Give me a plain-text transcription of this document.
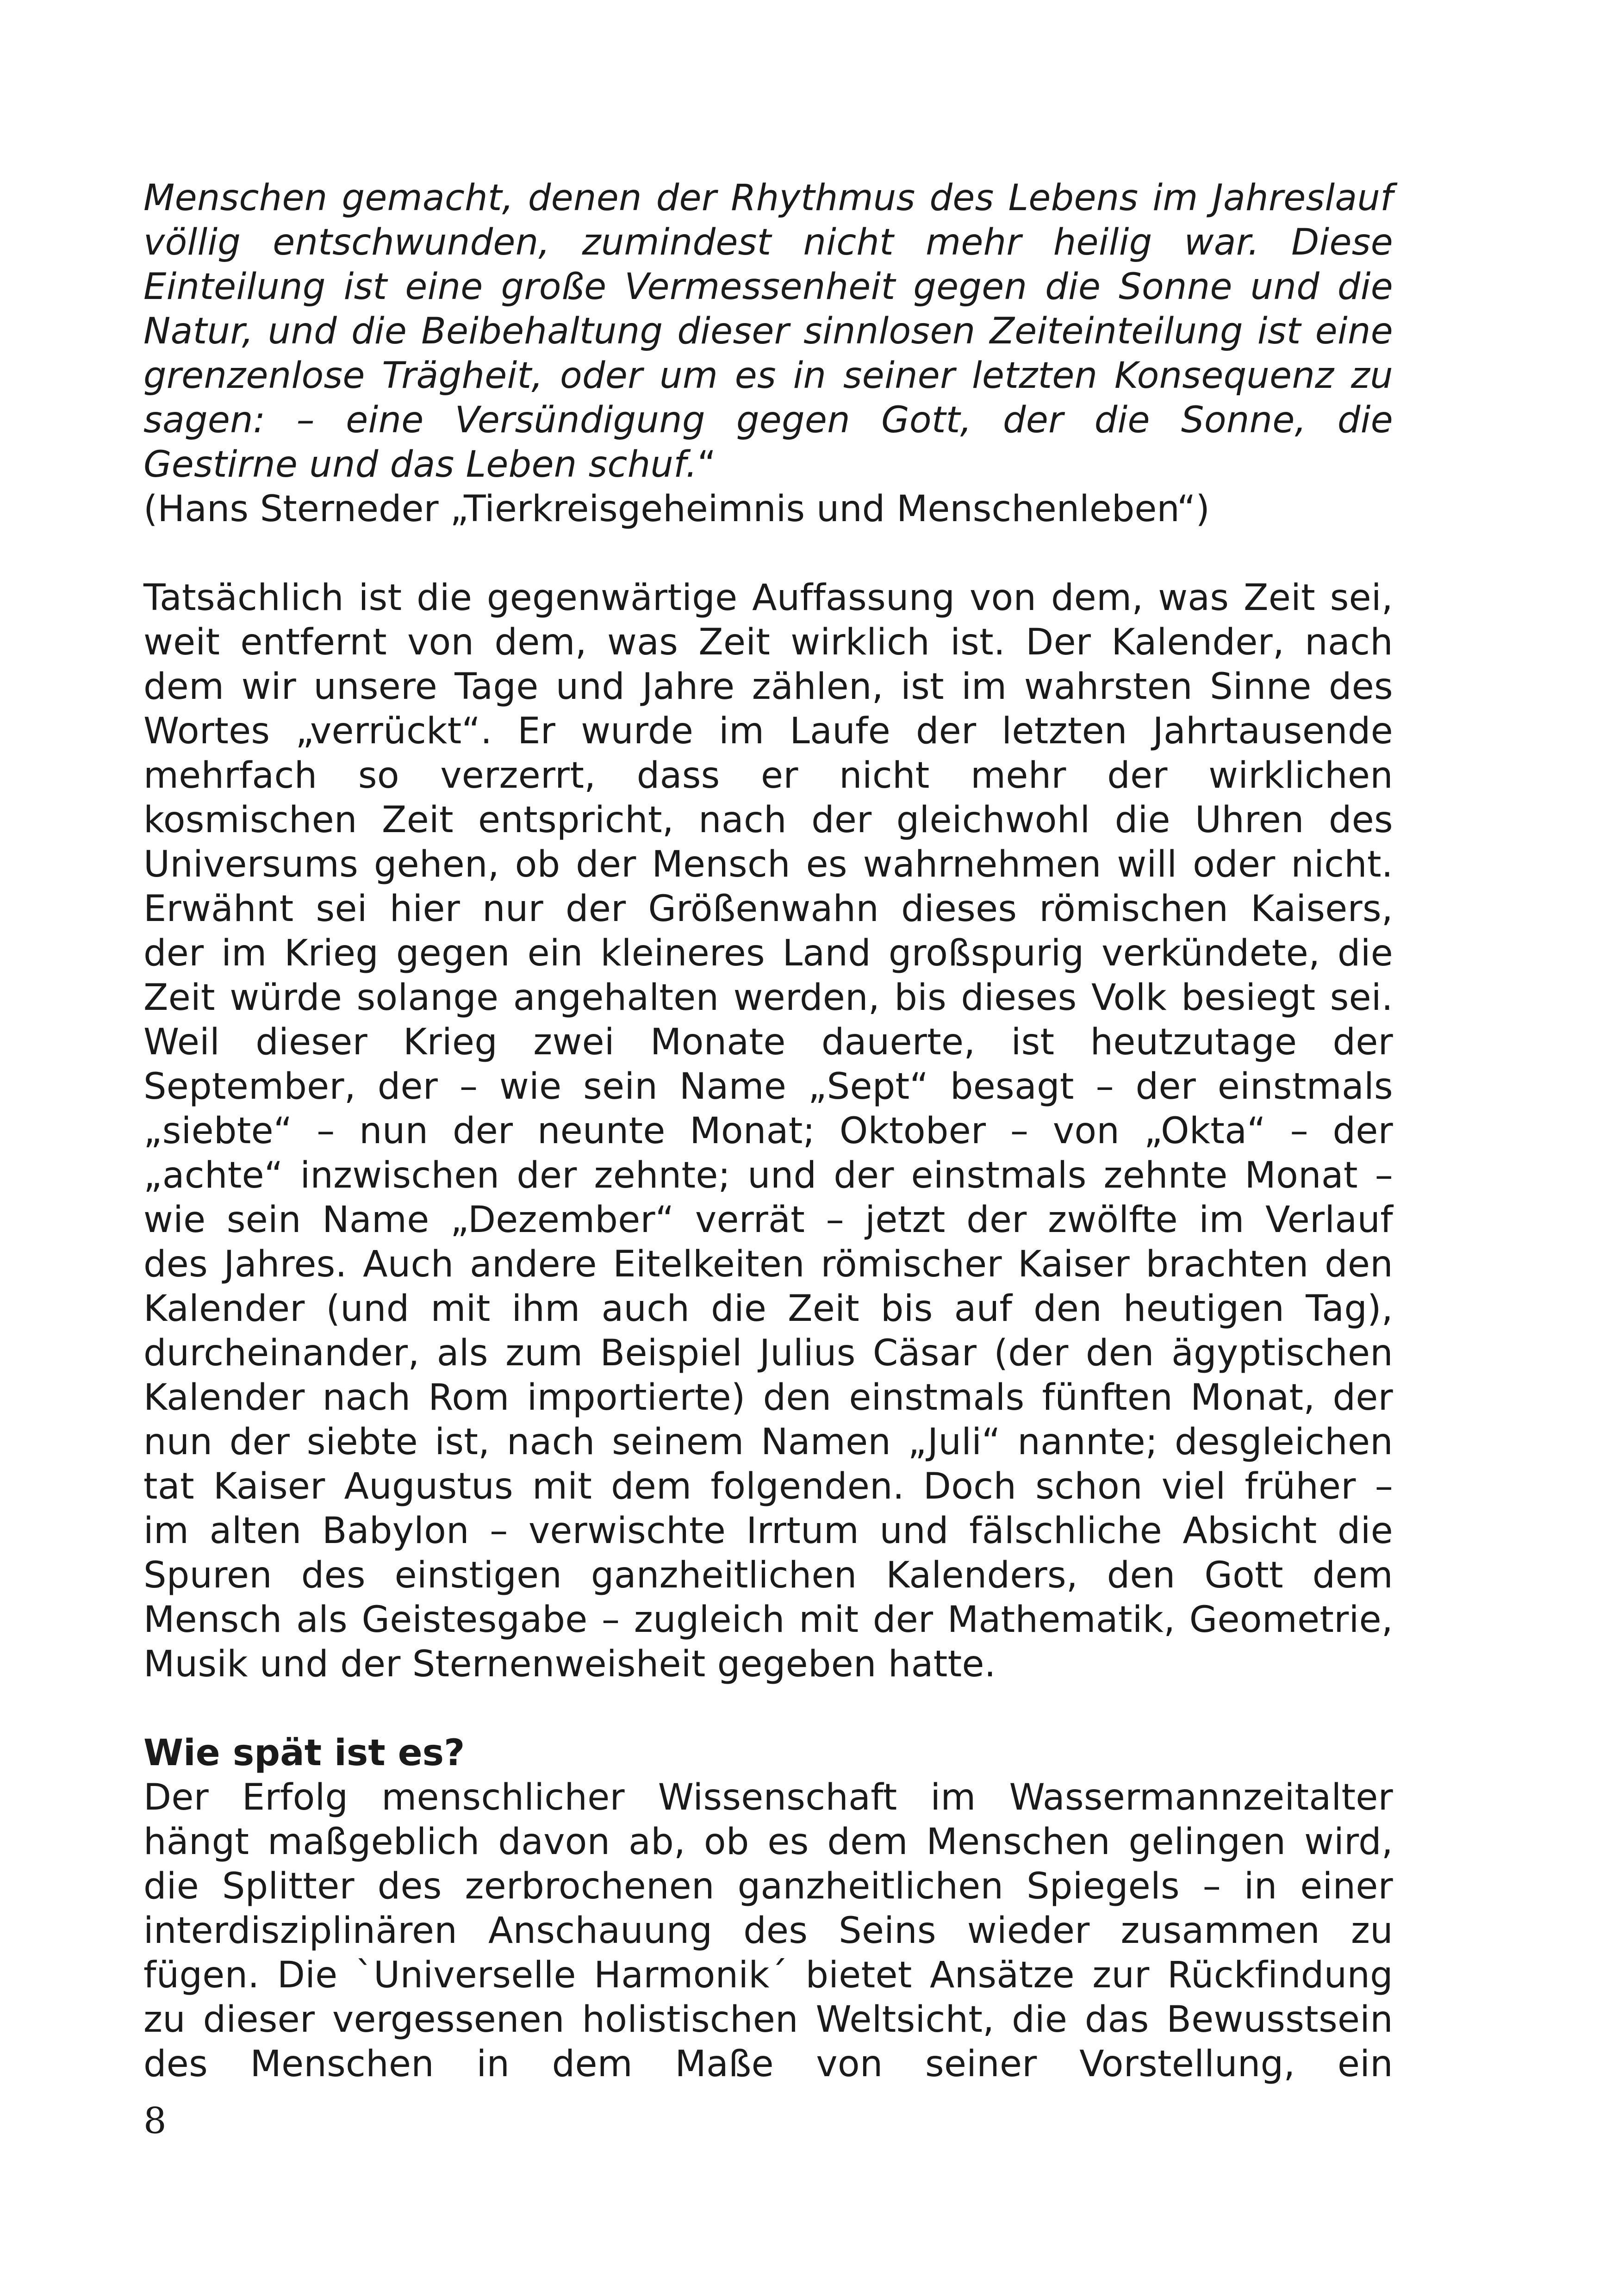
Menschen gemacht, denen der Rhythmus des Lebens im Jahreslauf
völlig entschwunden, zumindest nicht mehr heilig war. Diese
Einteilung ist eine große Vermessenheit gegen die Sonne und die
Natur, und die Beibehaltung dieser sinnlosen Zeiteinteilung ist eine
grenzenlose Trägheit, oder um es in seiner letzten Konsequenz zu
sagen: – eine Versündigung gegen Gott, der die Sonne, die

Gestirne und das Leben schuf.“

(Hans Sterneder „Tierkreisgeheimnis und Menschenleben“)

Tatsächlich ist die gegenwärtige Auffassung von dem, was Zeit sei,
weit entfernt von dem, was Zeit wirklich ist. Der Kalender, nach
dem wir unsere Tage und Jahre zählen, ist im wahrsten Sinne des
Wortes „verrückt“. Er wurde im Laufe der letzten Jahrtausende
mehrfach so verzerrt, dass er nicht mehr der wirklichen
kosmischen Zeit entspricht, nach der gleichwohl die Uhren des
Universums gehen, ob der Mensch es wahrnehmen will oder nicht.
Erwähnt sei hier nur der Größenwahn dieses römischen Kaisers,
der im Krieg gegen ein kleineres Land großspurig verkündete, die
Zeit würde solange angehalten werden, bis dieses Volk besiegt sei.
Weil dieser Krieg zwei Monate dauerte, ist heutzutage der
September, der – wie sein Name „Sept“ besagt – der einstmals
„siebte“ – nun der neunte Monat; Oktober – von „Okta“ – der
„achte“ inzwischen der zehnte; und der einstmals zehnte Monat –
wie sein Name „Dezember“ verrät – jetzt der zwölfte im Verlauf
des Jahres. Auch andere Eitelkeiten römischer Kaiser brachten den
Kalender (und mit ihm auch die Zeit bis auf den heutigen Tag),
durcheinander, als zum Beispiel Julius Cäsar (der den ägyptischen
Kalender nach Rom importierte) den einstmals fünften Monat, der
nun der siebte ist, nach seinem Namen „Juli“ nannte; desgleichen
tat Kaiser Augustus mit dem folgenden. Doch schon viel früher –
im alten Babylon – verwischte Irrtum und fälschliche Absicht die
Spuren des einstigen ganzheitlichen Kalenders, den Gott dem
Mensch als Geistesgabe – zugleich mit der Mathematik, Geometrie,

Musik und der Sternenweisheit gegeben hatte.

Wie spät ist es?
Der Erfolg menschlicher Wissenschaft im Wassermannzeitalter
hängt maßgeblich davon ab, ob es dem Menschen gelingen wird,
die Splitter des zerbrochenen ganzheitlichen Spiegels – in einer
interdisziplinären Anschauung des Seins wieder zusammen zu
fügen. Die `Universelle Harmonik´ bietet Ansätze zur Rückfindung
zu dieser vergessenen holistischen Weltsicht, die das Bewusstsein
des Menschen in dem Maße von seiner Vorstellung, ein
8
